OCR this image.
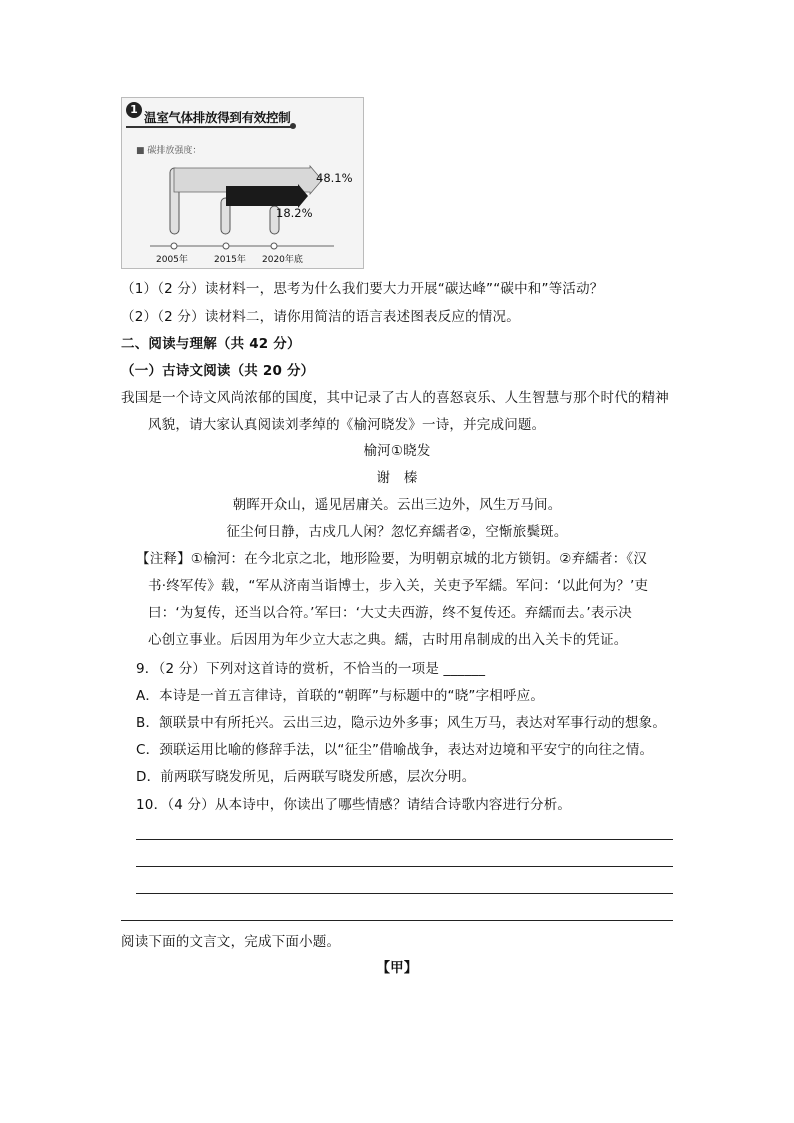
1
温室气体排放得到有效控制
■ 碳排放强度：
48.1%
18.2%
2005年	2015年 2020年底
（1）（2 分）读材料一，思考为什么我们要大力开展“碳达峰”“碳中和”等活动？
（2）（2 分）读材料二，请你用简洁的语言表述图表反应的情况。
二、阅读与理解（共 42 分）
（一）古诗文阅读（共 20 分）
我国是一个诗文风尚浓郁的国度，其中记录了古人的喜怒哀乐、人生智慧与那个时代的精神
风貌，请大家认真阅读刘孝绰的《榆河晓发》一诗，并完成问题。
榆河①晓发
谢　榛
朝晖开众山，遥见居庸关。云出三边外，风生万马间。
征尘何日静，古戍几人闲？忽忆弃繻者②，空惭旅鬓斑。
【注释】①榆河：在今北京之北，地形险要，为明朝京城的北方锁钥。②弃繻者：《汉
书·终军传》载，“军从济南当诣博士，步入关，关吏予军繻。军问：‘以此何为？’吏
曰：‘为复传，还当以合符。’军曰：‘大丈夫西游，终不复传还。弃繻而去。’表示决
心创立事业。后因用为年少立大志之典。繻，古时用帛制成的出入关卡的凭证。
9．（2 分）下列对这首诗的赏析，不恰当的一项是 ______
A．本诗是一首五言律诗，首联的“朝晖”与标题中的“晓”字相呼应。
B．颔联景中有所托兴。云出三边，隐示边外多事；风生万马，表达对军事行动的想象。
C．颈联运用比喻的修辞手法，以“征尘”借喻战争，表达对边境和平安宁的向往之情。
D．前两联写晓发所见，后两联写晓发所感，层次分明。
10．（4 分）从本诗中，你读出了哪些情感？请结合诗歌内容进行分析。
阅读下面的文言文，完成下面小题。
【甲】
